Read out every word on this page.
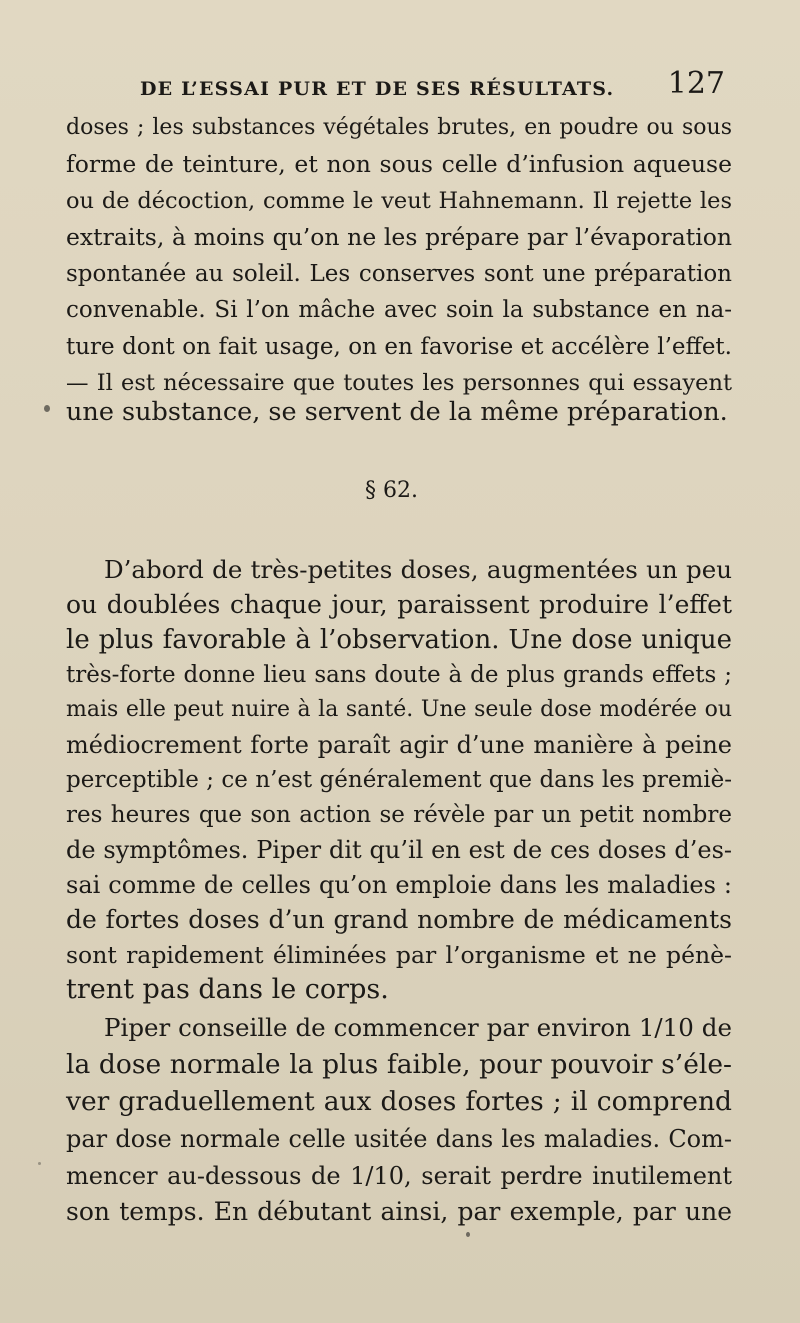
DE L’ESSAI PUR ET DE SES RÉSULTATS. 127
doses ; les substances végétales brutes, en poudre ou sous
forme de teinture, et non sous celle d’infusion aqueuse
ou de décoction, comme le veut Hahnemann. Il rejette les
extraits, à moins qu’on ne les prépare par l’évaporation
spontanée au soleil. Les conserves sont une préparation
convenable. Si l’on mâche avec soin la substance en na-
ture dont on fait usage, on en favorise et accélère l’effet.
— Il est nécessaire que toutes les personnes qui essayent
une substance, se servent de la même préparation.
§ 62.
D’abord de très-petites doses, augmentées un peu
ou doublées chaque jour, paraissent produire l’effet
le plus favorable à l’observation. Une dose unique
très-forte donne lieu sans doute à de plus grands effets ;
mais elle peut nuire à la santé. Une seule dose modérée ou
médiocrement forte paraît agir d’une manière à peine
perceptible ; ce n’est généralement que dans les premiè-
res heures que son action se révèle par un petit nombre
de symptômes. Piper dit qu’il en est de ces doses d’es-
sai comme de celles qu’on emploie dans les maladies :
de fortes doses d’un grand nombre de médicaments
sont rapidement éliminées par l’organisme et ne pénè-
trent pas dans le corps.
Piper conseille de commencer par environ 1/10 de
la dose normale la plus faible, pour pouvoir s’éle-
ver graduellement aux doses fortes ; il comprend
par dose normale celle usitée dans les maladies. Com-
mencer au-dessous de 1/10, serait perdre inutilement
son temps. En débutant ainsi, par exemple, par une
